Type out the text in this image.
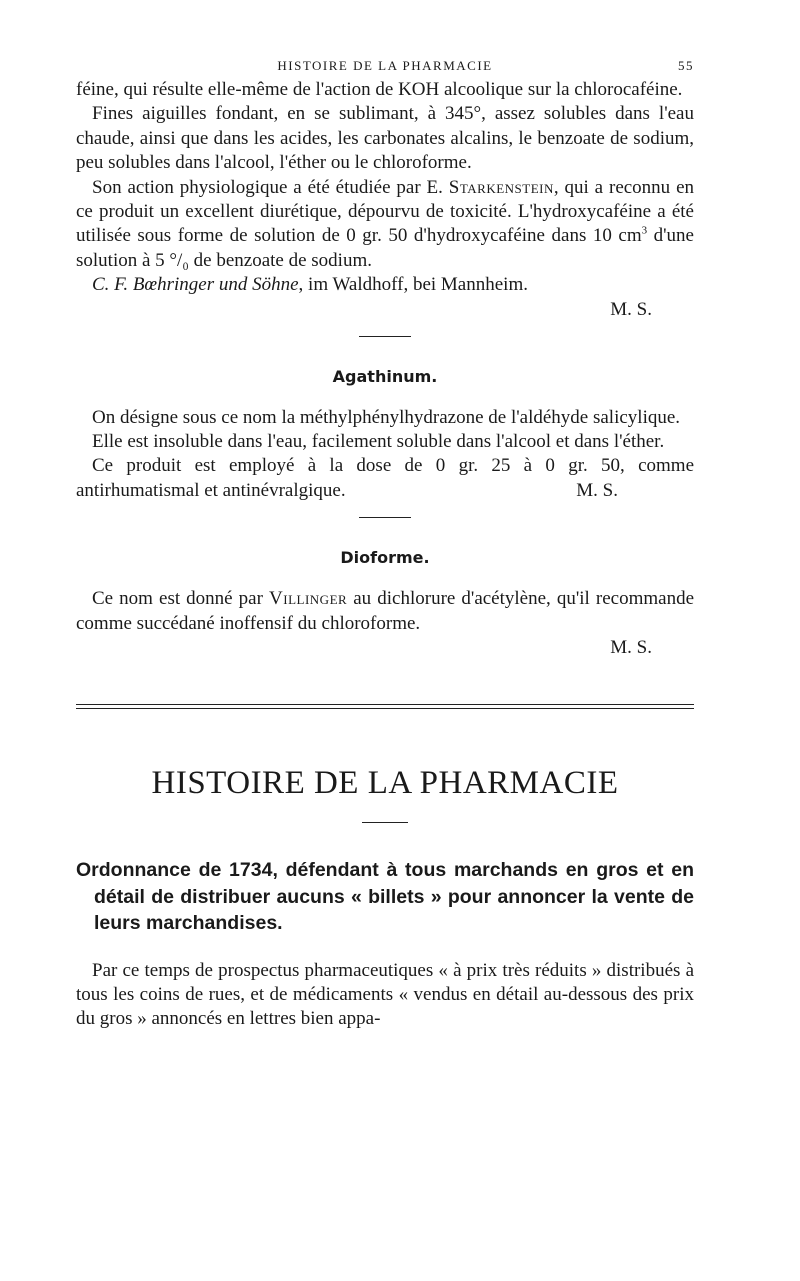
HISTOIRE DE LA PHARMACIE	55

féine, qui résulte elle-même de l'action de KOH alcoolique sur la chlorocaféine.

Fines aiguilles fondant, en se sublimant, à 345°, assez solubles dans l'eau chaude, ainsi que dans les acides, les carbonates alcalins, le benzoate de sodium, peu solubles dans l'alcool, l'éther ou le chloroforme.

Son action physiologique a été étudiée par E. Starkenstein, qui a reconnu en ce produit un excellent diurétique, dépourvu de toxicité. L'hydroxycaféine a été utilisée sous forme de solution de 0 gr. 50 d'hydroxycaféine dans 10 $cm^3$ d'une solution à 5 °/₀ de benzoate de sodium.

C. F. Bœhringer und Söhne, im Waldhoff, bei Mannheim.

M. S.
Agathinum.

On désigne sous ce nom la méthylphénylhydrazone de l'aldéhyde salicylique.

Elle est insoluble dans l'eau, facilement soluble dans l'alcool et dans l'éther.

Ce produit est employé à la dose de 0 gr. 25 à 0 gr. 50, comme antirhumatismal et antinévralgique.	M. S.

Dioforme.

Ce nom est donné par Villinger au dichlorure d'acétylène, qu'il recommande comme succédané inoffensif du chloroforme.

M. S.
HISTOIRE DE LA PHARMACIE
Ordonnance de 1734, défendant à tous marchands en gros et en détail de distribuer aucuns « billets » pour annoncer la vente de leurs marchandises.

Par ce temps de prospectus pharmaceutiques « à prix très réduits » distribués à tous les coins de rues, et de médicaments « vendus en détail au-dessous des prix du gros » annoncés en lettres bien appa-
